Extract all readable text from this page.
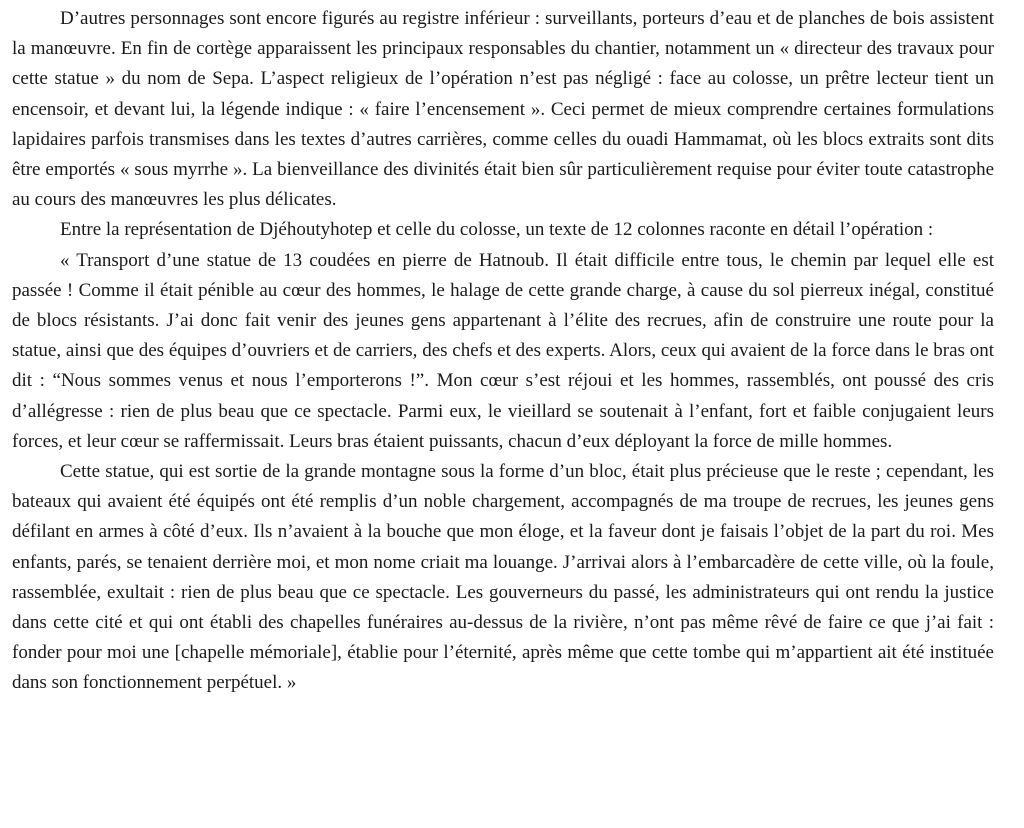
D’autres personnages sont encore figurés au registre inférieur : surveillants, porteurs d’eau et de planches de bois assistent la manœuvre. En fin de cortège apparaissent les principaux responsables du chantier, notamment un « directeur des travaux pour cette statue » du nom de Sepa. L’aspect religieux de l’opération n’est pas négligé : face au colosse, un prêtre lecteur tient un encensoir, et devant lui, la légende indique : « faire l’encensement ». Ceci permet de mieux comprendre certaines formulations lapidaires parfois transmises dans les textes d’autres carrières, comme celles du ouadi Hammamat, où les blocs extraits sont dits être emportés « sous myrrhe ». La bienveillance des divinités était bien sûr particulièrement requise pour éviter toute catastrophe au cours des manœuvres les plus délicates.

Entre la représentation de Djéhoutyhotep et celle du colosse, un texte de 12 colonnes raconte en détail l’opération :

« Transport d’une statue de 13 coudées en pierre de Hatnoub. Il était difficile entre tous, le chemin par lequel elle est passée ! Comme il était pénible au cœur des hommes, le halage de cette grande charge, à cause du sol pierreux inégal, constitué de blocs résistants. J’ai donc fait venir des jeunes gens appartenant à l’élite des recrues, afin de construire une route pour la statue, ainsi que des équipes d’ouvriers et de carriers, des chefs et des experts. Alors, ceux qui avaient de la force dans le bras ont dit : “Nous sommes venus et nous l’emporterons !”. Mon cœur s’est réjoui et les hommes, rassemblés, ont poussé des cris d’allégresse : rien de plus beau que ce spectacle. Parmi eux, le vieillard se soutenait à l’enfant, fort et faible conjugaient leurs forces, et leur cœur se raffermissait. Leurs bras étaient puissants, chacun d’eux déployant la force de mille hommes.

Cette statue, qui est sortie de la grande montagne sous la forme d’un bloc, était plus précieuse que le reste ; cependant, les bateaux qui avaient été équipés ont été remplis d’un noble chargement, accompagnés de ma troupe de recrues, les jeunes gens défilant en armes à côté d’eux. Ils n’avaient à la bouche que mon éloge, et la faveur dont je faisais l’objet de la part du roi. Mes enfants, parés, se tenaient derrière moi, et mon nome criait ma louange. J’arrivai alors à l’embarcadère de cette ville, où la foule, rassemblée, exultait : rien de plus beau que ce spectacle. Les gouverneurs du passé, les administrateurs qui ont rendu la justice dans cette cité et qui ont établi des chapelles funéraires au-dessus de la rivière, n’ont pas même rêvé de faire ce que j’ai fait : fonder pour moi une [chapelle mémoriale], établie pour l’éternité, après même que cette tombe qui m’appartient ait été instituée dans son fonctionnement perpétuel. »
